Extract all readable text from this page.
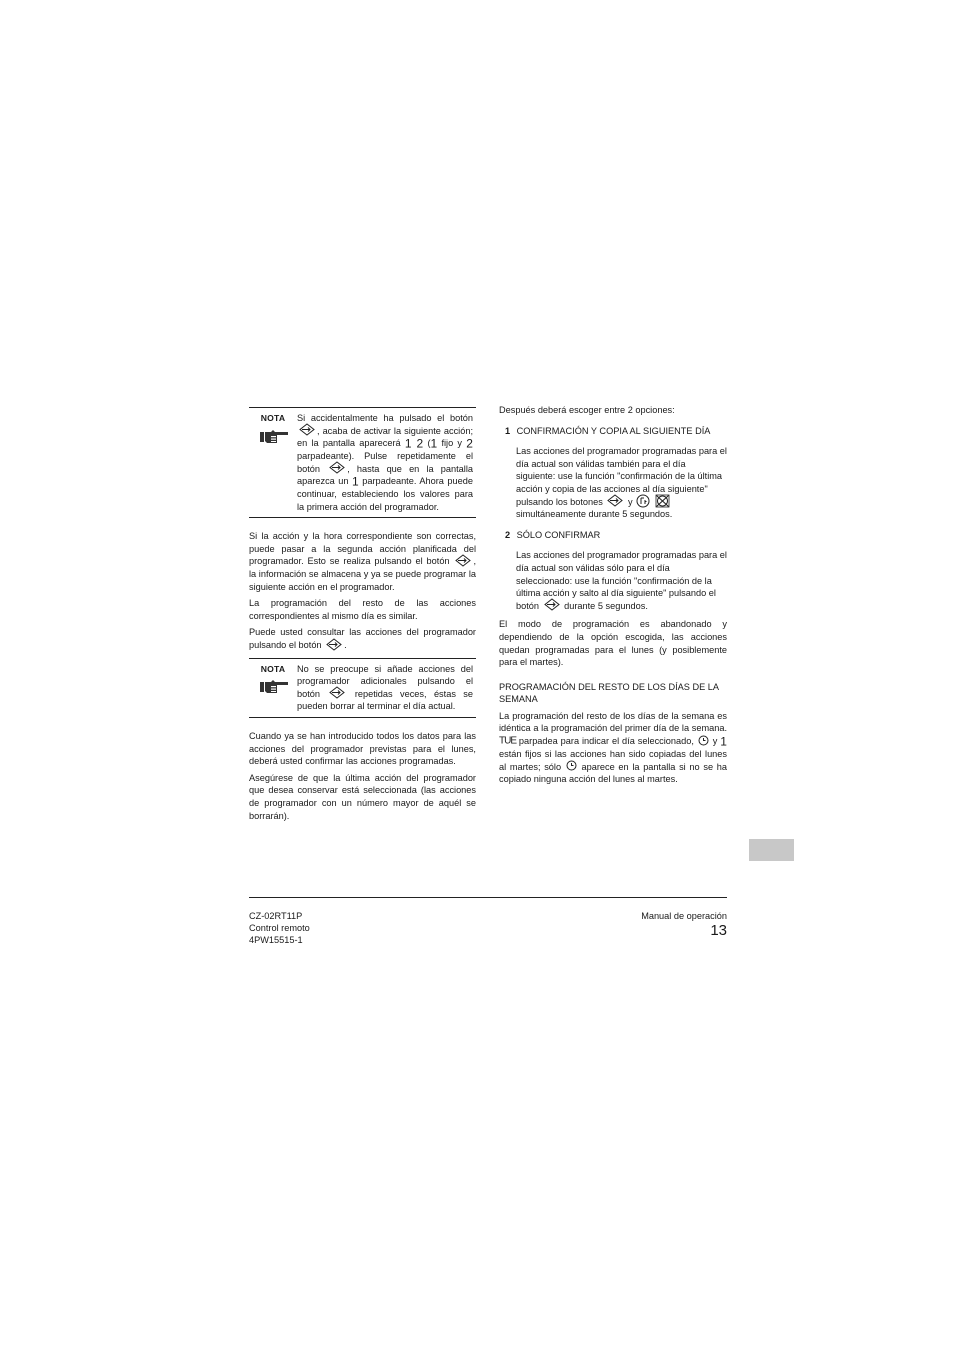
NOTA Si accidentalmente ha pulsado el botón , acaba de activar la siguiente acción; en la pantalla aparecerá 1 2 (1 fijo y 2 parpadeante). Pulse repetidamente el botón	, hasta que en la pantalla aparezca un 1 parpadeante. Ahora puede continuar, estableciendo los valores para la primera acción del programador.

Si la acción y la hora correspondiente son correctas, puede pasar a la segunda acción planificada del programador. Esto se realiza pulsando el botón	, la información se almacena y ya se puede programar la siguiente acción en el programador.

La programación del resto de las acciones correspondientes al mismo día es similar.

Puede usted consultar las acciones del programador pulsando el botón .

NOTA No se preocupe si añade acciones del programador adicionales pulsando el botón	repetidas veces, éstas se pueden borrar al terminar el día actual.

Cuando ya se han introducido todos los datos para las acciones del programador previstas para el lunes, deberá usted confirmar las acciones programadas.

Asegúrese de que la última acción del programador que desea conservar está seleccionada (las acciones de programador con un número mayor de aquél se borrarán).

Después deberá escoger entre 2 opciones:

1 CONFIRMACIÓN Y COPIA AL SIGUIENTE DÍA

Las acciones del programador programadas para el día actual son válidas también para el día siguiente: use la función "confirmación de la última acción y copia de las acciones al día siguiente" pulsando los botones	y
simultáneamente durante 5 segundos.

2 SÓLO CONFIRMAR

Las acciones del programador programadas para el día actual son válidas sólo para el día seleccionado: use la función "confirmación de la última acción y salto al día siguiente" pulsando el botón	durante 5 segundos.

El modo de programación es abandonado y dependiendo de la opción escogida, las acciones quedan programadas para el lunes (y posiblemente para el martes).

PROGRAMACIÓN DEL RESTO DE LOS DÍAS DE LA SEMANA

La programación del resto de los días de la semana es idéntica a la programación del primer día de la semana. TUE parpadea para indicar el día seleccionado, y 1 están fijos si las acciones han sido copiadas del lunes al martes; sólo aparece en la pantalla si no se ha copiado ninguna acción del lunes al martes.

CZ-02RT11P
Control remoto
4PW15515-1
Manual de operación
13
